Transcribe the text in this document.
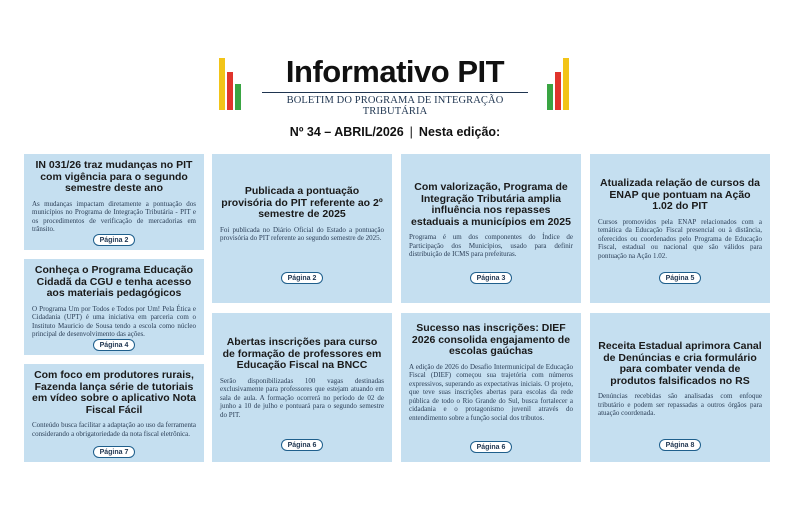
Informativo PIT
BOLETIM DO PROGRAMA DE INTEGRAÇÃO TRIBUTÁRIA
Nº 34 – ABRIL/2026 | Nesta edição:
IN 031/26 traz mudanças no PIT com vigência para o segundo semestre deste ano

As mudanças impactam diretamente a pontuação dos municípios no Programa de Integração Tributária - PIT e os procedimentos de verificação de mercadorias em trânsito.

Página 2
Conheça o Programa Educação Cidadã da CGU e tenha acesso aos materiais pedagógicos

O Programa Um por Todos e Todos por Um! Pela Ética e Cidadania (UPT) é uma iniciativa em parceria com o Instituto Mauricio de Sousa tendo a escola como núcleo principal de desenvolvimento das ações.

Página 4
Com foco em produtores rurais, Fazenda lança série de tutoriais em vídeo sobre o aplicativo Nota Fiscal Fácil

Conteúdo busca facilitar a adaptação ao uso da ferramenta considerando a obrigatoriedade da nota fiscal eletrônica.

Página 7
Publicada a pontuação provisória do PIT referente ao 2º semestre de 2025

Foi publicada no Diário Oficial do Estado a pontuação provisória do PIT referente ao segundo semestre de 2025.

Página 2
Abertas inscrições para curso de formação de professores em Educação Fiscal na BNCC

Serão disponibilizadas 100 vagas destinadas exclusivamente para professores que estejam atuando em sala de aula. A formação ocorrerá no período de 02 de junho a 10 de julho e pontuará para o segundo semestre do PIT.

Página 6
Com valorização, Programa de Integração Tributária amplia influência nos repasses estaduais a municípios em 2025

Programa é um dos componentes do Índice de Participação dos Municípios, usado para definir distribuição de ICMS para prefeituras.

Página 3
Sucesso nas inscrições: DIEF 2026 consolida engajamento de escolas gaúchas

A edição de 2026 do Desafio Intermunicipal de Educação Fiscal (DIEF) começou sua trajetória com números expressivos, superando as expectativas iniciais. O projeto, que teve suas inscrições abertas para escolas da rede pública de todo o Rio Grande do Sul, busca fortalecer a cidadania e o protagonismo juvenil através do entendimento sobre a função social dos tributos.

Página 6
Atualizada relação de cursos da ENAP que pontuam na Ação 1.02 do PIT

Cursos promovidos pela ENAP relacionados com a temática da Educação Fiscal presencial ou à distância, oferecidos ou coordenados pelo Programa de Educação Fiscal, estadual ou nacional que são válidos para pontuação na Ação 1.02.

Página 5
Receita Estadual aprimora Canal de Denúncias e cria formulário para combater venda de produtos falsificados no RS

Denúncias recebidas são analisadas com enfoque tributário e podem ser repassadas a outros órgãos para atuação coordenada.

Página 8
